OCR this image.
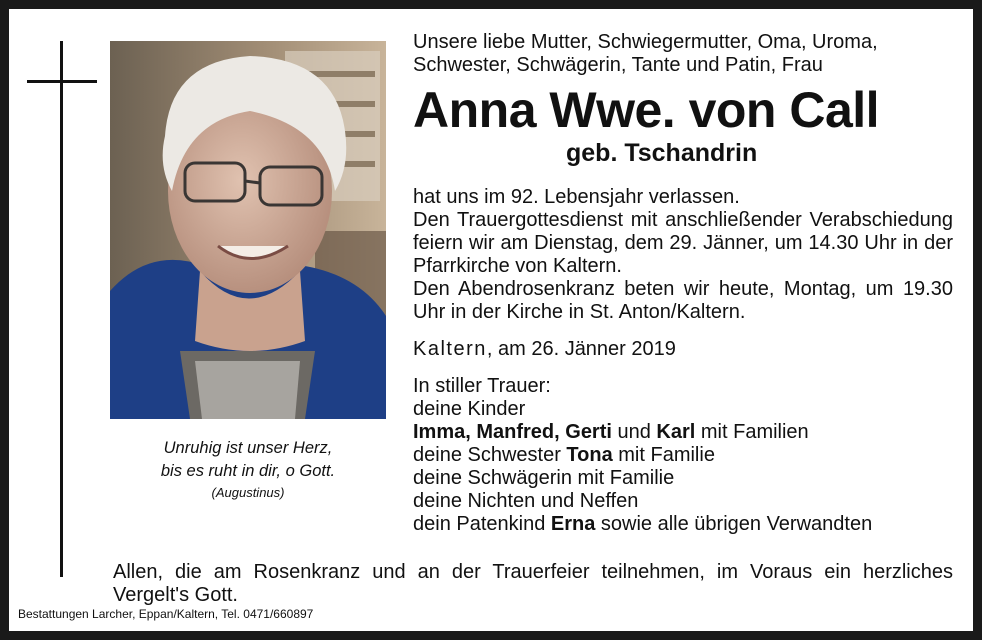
Unruhig ist unser Herz,
bis es ruht in dir, o Gott.
(Augustinus)
Unsere liebe Mutter, Schwiegermutter, Oma, Uroma,
Schwester, Schwägerin, Tante und Patin, Frau
Anna Wwe. von Call
geb. Tschandrin
hat uns im 92. Lebensjahr verlassen.
Den Trauergottesdienst mit anschließender Verabschiedung feiern wir am Dienstag, dem 29. Jänner, um 14.30 Uhr in der Pfarrkirche von Kaltern.
Den Abendrosenkranz beten wir heute, Montag, um 19.30 Uhr in der Kirche in St. Anton/Kaltern.
Kaltern, am 26. Jänner 2019
In stiller Trauer:
deine Kinder
Imma, Manfred, Gerti und Karl mit Familien
deine Schwester Tona mit Familie
deine Schwägerin mit Familie
deine Nichten und Neffen
dein Patenkind Erna sowie alle übrigen Verwandten
Allen, die am Rosenkranz und an der Trauerfeier teilnehmen, im Voraus ein herzliches Vergelt's Gott.
Bestattungen Larcher, Eppan/Kaltern, Tel. 0471/660897
